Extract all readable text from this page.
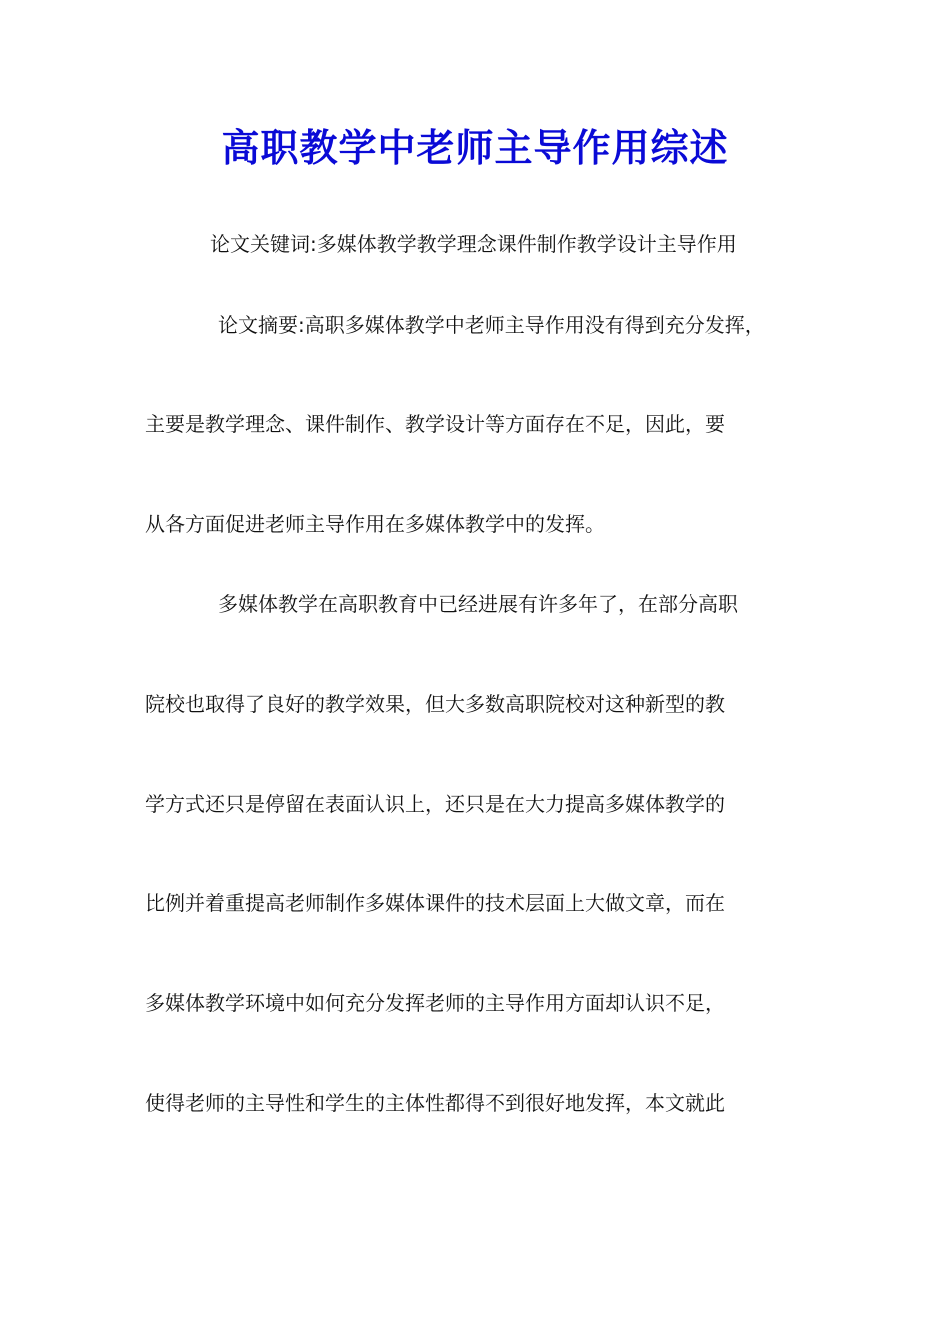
高职教学中老师主导作用综述

论文关键词:多媒体教学教学理念课件制作教学设计主导作用

论文摘要:高职多媒体教学中老师主导作用没有得到充分发挥，

主要是教学理念、课件制作、教学设计等方面存在不足，因此，要

从各方面促进老师主导作用在多媒体教学中的发挥。

多媒体教学在高职教育中已经进展有许多年了，在部分高职

院校也取得了良好的教学效果，但大多数高职院校对这种新型的教

学方式还只是停留在表面认识上，还只是在大力提高多媒体教学的

比例并着重提高老师制作多媒体课件的技术层面上大做文章，而在

多媒体教学环境中如何充分发挥老师的主导作用方面却认识不足，

使得老师的主导性和学生的主体性都得不到很好地发挥，本文就此
